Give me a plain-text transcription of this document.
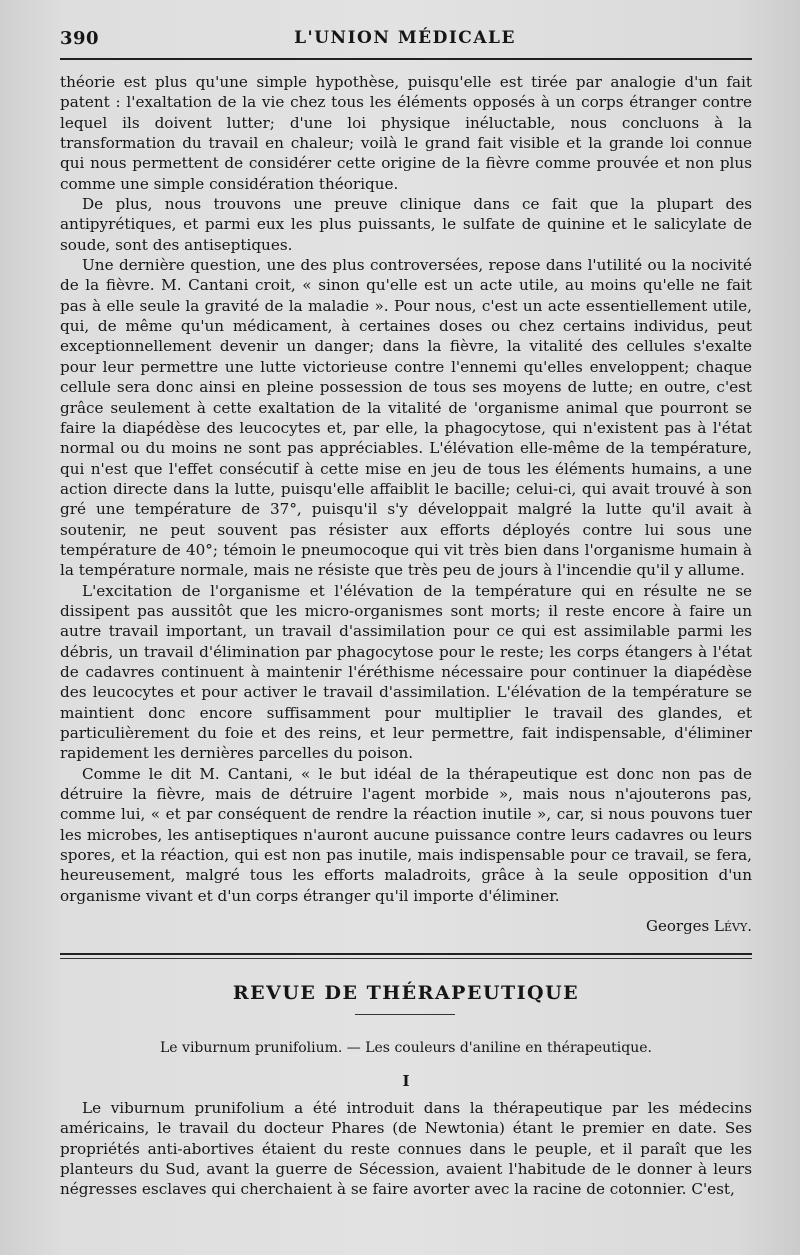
390	L'UNION MÉDICALE

théorie est plus qu'une simple hypothèse, puisqu'elle est tirée par analogie d'un fait patent : l'exaltation de la vie chez tous les éléments opposés à un corps étranger contre lequel ils doivent lutter; d'une loi physique inéluctable, nous concluons à la transformation du travail en chaleur; voilà le grand fait visible et la grande loi connue qui nous permettent de considérer cette origine de la fièvre comme prouvée et non plus comme une simple considération théorique.

De plus, nous trouvons une preuve clinique dans ce fait que la plupart des antipyrétiques, et parmi eux les plus puissants, le sulfate de quinine et le salicylate de soude, sont des antiseptiques.

Une dernière question, une des plus controversées, repose dans l'utilité ou la nocivité de la fièvre. M. Cantani croit, « sinon qu'elle est un acte utile, au moins qu'elle ne fait pas à elle seule la gravité de la maladie ». Pour nous, c'est un acte essentiellement utile, qui, de même qu'un médicament, à certaines doses ou chez certains individus, peut exceptionnellement devenir un danger; dans la fièvre, la vitalité des cellules s'exalte pour leur permettre une lutte victorieuse contre l'ennemi qu'elles enveloppent; chaque cellule sera donc ainsi en pleine possession de tous ses moyens de lutte; en outre, c'est grâce seulement à cette exaltation de la vitalité de 'organisme animal que pourront se faire la diapédèse des leucocytes et, par elle, la phagocytose, qui n'existent pas à l'état normal ou du moins ne sont pas appréciables. L'élévation elle-même de la température, qui n'est que l'effet consécutif à cette mise en jeu de tous les éléments humains, a une action directe dans la lutte, puisqu'elle affaiblit le bacille; celui-ci, qui avait trouvé à son gré une température de 37°, puisqu'il s'y développait malgré la lutte qu'il avait à soutenir, ne peut souvent pas résister aux efforts déployés contre lui sous une température de 40°; témoin le pneumocoque qui vit très bien dans l'organisme humain à la température normale, mais ne résiste que très peu de jours à l'incendie qu'il y allume.

L'excitation de l'organisme et l'élévation de la température qui en résulte ne se dissipent pas aussitôt que les micro-organismes sont morts; il reste encore à faire un autre travail important, un travail d'assimilation pour ce qui est assimilable parmi les débris, un travail d'élimination par phagocytose pour le reste; les corps étangers à l'état de cadavres continuent à maintenir l'éréthisme nécessaire pour continuer la diapédèse des leucocytes et pour activer le travail d'assimilation. L'élévation de la température se maintient donc encore suffisamment pour multiplier le travail des glandes, et particulièrement du foie et des reins, et leur permettre, fait indispensable, d'éliminer rapidement les dernières parcelles du poison.

Comme le dit M. Cantani, « le but idéal de la thérapeutique est donc non pas de détruire la fièvre, mais de détruire l'agent morbide », mais nous n'ajouterons pas, comme lui, « et par conséquent de rendre la réaction inutile », car, si nous pouvons tuer les microbes, les antiseptiques n'auront aucune puissance contre leurs cadavres ou leurs spores, et la réaction, qui est non pas inutile, mais indispensable pour ce travail, se fera, heureusement, malgré tous les efforts maladroits, grâce à la seule opposition d'un organisme vivant et d'un corps étranger qu'il importe d'éliminer.

Georges Lévy.
REVUE DE THÉRAPEUTIQUE
Le viburnum prunifolium. — Les couleurs d'aniline en thérapeutique.
I

Le viburnum prunifolium a été introduit dans la thérapeutique par les médecins américains, le travail du docteur Phares (de Newtonia) étant le premier en date. Ses propriétés anti-abortives étaient du reste connues dans le peuple, et il paraît que les planteurs du Sud, avant la guerre de Sécession, avaient l'habitude de le donner à leurs négresses esclaves qui cherchaient à se faire avorter avec la racine de cotonnier. C'est,
